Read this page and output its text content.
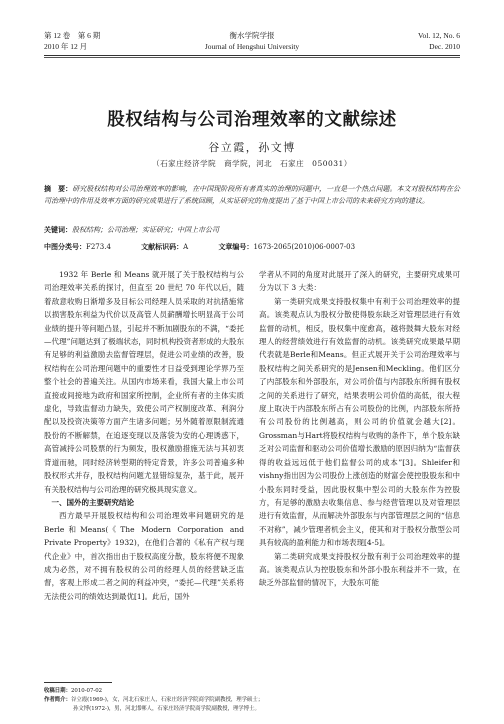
第 12 卷　第 6 期
2010 年 12 月
衡水学院学报
Journal of Hengshui University
Vol. 12, No. 6
Dec. 2010
股权结构与公司治理效率的文献综述
谷立霞，孙文博
（石家庄经济学院　商学院，河北　石家庄　050031）
摘　要：研究股权结构对公司治理效率的影响，在中国现阶段所有者真实的治理的问题中，一直是一个热点问题。本文对股权结构在公司治理中的作用及效率方面的研究成果进行了系统回顾，从实证研究的角度提出了基于中国上市公司的未来研究方向的建议。
关键词：股权结构；公司治理；实证研究；中国上市公司
中图分类号：F273.4	文献标识码：A	文章编号：1673-2065(2010)06-0007-03

1932 年 Berle 和 Means 就开展了关于股权结构与公司治理效率关系的探讨，但直至 20 世纪 70 年代以后，随着敌意收购日渐增多及目标公司经理人员采取的对抗措施常以损害股东利益为代价以及高管人员薪酬增长明显高于公司业绩的提升等问题凸显，引起并不断加剧股东的不满，“委托—代理”问题达到了极端状态，同时机构投资者形成的大股东有足够的利益激励去监督管理层，促进公司业绩的改善，股权结构在公司治理问题中的重要性才日益受到理论学界乃至整个社会的普遍关注。从国内市场来看，我国大量上市公司直接或间接地为政府和国家所控制，企业所有者的主体实质虚化，导致监督动力缺失，致使公司产权制度改革、利润分配以及投资决策等方面产生诸多问题；另外随着原限制流通股份的不断解禁，在追逐变现以及落袋为安的心理诱惑下，高管减持公司股票的行为频发，股权激励措施无法与其初衷背道而驰，同时经济转型期的特定背景，许多公司普遍多种股权形式并存，股权结构问题尤显错综复杂，基于此，展开有关股权结构与公司治理的研究极具现实意义。

一、国外的主要研究结论

西方最早开展股权结构和公司治理效率问题研究的是Berle和Means(《The Modern Corporation and Private Property》1932)，在他们合著的《私有产权与现代企业》中，首次指出由于股权高度分散，股东将便不现象成为必然，对不拥有股权的公司的经理人员的经营缺乏监督，客观上形成二者之间的利益冲突，“委托—代理”关系将无法使公司的绩效达到最优[1]。此后，国外

学者从不同的角度对此展开了深入的研究，主要研究成果可分为以下 3 大类：

第一类研究成果支持股权集中有利于公司治理效率的提高。该类观点认为股权分散使得股东缺乏对管理层进行有效监督的动机，相反，股权集中度愈高，越将鼓舞大股东对经理人的经营绩效进行有效监督的动机。该类研究成果最早期代表就是Berle和Means。但正式展开关于公司治理效率与股权结构之间关系研究的是Jensen和Meckling。他们区分了内部股东和外部股东，对公司价值与内部股东所拥有股权之间的关系进行了研究，结果表明公司价值的高低，很大程度上取决于内部股东所占有公司股份的比例，内部股东所持有公司股份的比例越高，则公司的价值就会越大[2]。Grossman与Hart将股权结构与收购的条件下，单个股东缺乏对公司监督和驱动公司价值增长激励的原因归纳为“监督获得的收益远远低于他们监督公司的成本”[3]。Shleifer和vishny指出因为公司股份上涨创造的财富会使控股股东和中小股东同时受益，因此股权集中型公司的大股东作为控股方，有足够的激励去收集信息、参与经营管理以及对管理层进行有效监督，从而解决外部股东与内部管理层之间的“信息不对称”，减少管理者机会主义，使其和对于股权分散型公司具有较高的盈利能力和市场表现[4-5]。

第二类研究成果支持股权分散有利于公司治理效率的提高。该类观点认为控股股东和外部小股东利益并不一致，在缺乏外部监督的情况下，大股东可能

收稿日期：2010-07-02
作者简介：谷立霞(1969-)，女，河北石家庄人，石家庄经济学院商学院副教授，理学硕士；
孙文博(1972-)，男，河北邯郸人，石家庄经济学院商学院副教授，理学博士。
